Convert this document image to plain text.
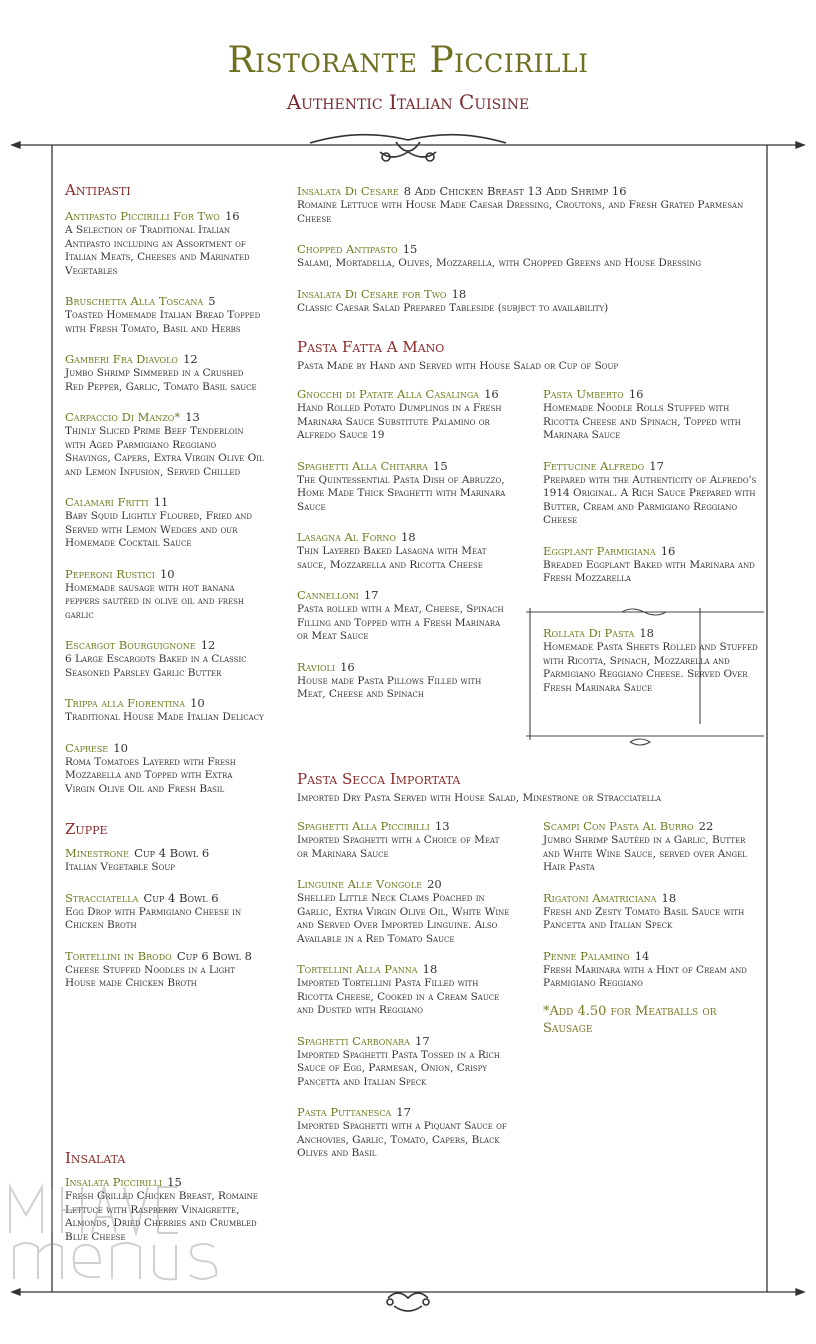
Ristorante Piccirilli
Authentic Italian Cuisine
Antipasti
Antipasto Piccirilli For Two 16
A Selection of Traditional Italian Antipasto including an Assortment of Italian Meats, Cheeses and Marinated Vegetables
Bruschetta Alla Toscana 5
Toasted Homemade Italian Bread Topped with Fresh Tomato, Basil and Herbs
Gamberi Fra Diavolo 12
Jumbo Shrimp Simmered in a Crushed Red Pepper, Garlic, Tomato Basil sauce
Carpaccio Di Manzo* 13
Thinly Sliced Prime Beef Tenderloin with Aged Parmigiano Reggiano Shavings, Capers, Extra Virgin Olive Oil and Lemon Infusion, Served Chilled
Calamari Fritti 11
Baby Squid Lightly Floured, Fried and Served with Lemon Wedges and our Homemade Cocktail Sauce
Peperoni Rustici 10
Homemade sausage with hot banana peppers sautéed in olive oil and fresh garlic
Escargot Bourguignone 12
6 Large Escargots Baked in a Classic Seasoned Parsley Garlic Butter
Trippa alla Fiorentina 10
Traditional House Made Italian Delicacy
Caprese 10
Roma Tomatoes Layered with Fresh Mozzarella and Topped with Extra Virgin Olive Oil and Fresh Basil
Zuppe
Minestrone Cup 4 Bowl 6
Italian Vegetable Soup
Stracciatella Cup 4 Bowl 6
Egg Drop with Parmigiano Cheese in Chicken Broth
Tortellini in Brodo Cup 6 Bowl 8
Cheese Stuffed Noodles in a Light House made Chicken Broth
Insalata
Insalata Piccirilli 15
Fresh Grilled Chicken Breast, Romaine Lettuce with Raspberry Vinaigrette, Almonds, Dried Cherries and Crumbled Blue Cheese
Insalata Di Cesare 8 Add Chicken Breast 13 Add Shrimp 16
Romaine Lettuce with House Made Caesar Dressing, Croutons, and Fresh Grated Parmesan Cheese
Chopped Antipasto 15
Salami, Mortadella, Olives, Mozzarella, with Chopped Greens and House Dressing
Insalata Di Cesare for Two 18
Classic Caesar Salad Prepared Tableside (subject to availability)
Pasta Fatta A Mano
Pasta Made by Hand and Served with House Salad or Cup of Soup
Gnocchi di Patate Alla Casalinga 16
Hand Rolled Potato Dumplings in a Fresh Marinara Sauce Substitute Palamino or Alfredo Sauce 19
Spaghetti Alla Chitarra 15
The Quintessential Pasta Dish of Abruzzo, Home Made Thick Spaghetti with Marinara Sauce
Lasagna Al Forno 18
Thin Layered Baked Lasagna with Meat sauce, Mozzarella and Ricotta Cheese
Cannelloni 17
Pasta rolled with a Meat, Cheese, Spinach Filling and Topped with a Fresh Marinara or Meat Sauce
Ravioli 16
House made Pasta Pillows Filled with Meat, Cheese and Spinach
Pasta Umberto 16
Homemade Noodle Rolls Stuffed with Ricotta Cheese and Spinach, Topped with Marinara Sauce
Fettucine Alfredo 17
Prepared with the Authenticity of Alfredo's 1914 Original. A Rich Sauce Prepared with Butter, Cream and Parmigiano Reggiano Cheese
Eggplant Parmigiana 16
Breaded Eggplant Baked with Marinara and Fresh Mozzarella
Rollata Di Pasta 18
Homemade Pasta Sheets Rolled and Stuffed with Ricotta, Spinach, Mozzarella and Parmigiano Reggiano Cheese. Served Over Fresh Marinara Sauce
Pasta Secca Importata
Imported Dry Pasta Served with House Salad, Minestrone or Stracciatella
Spaghetti Alla Piccirilli 13
Imported Spaghetti with a Choice of Meat or Marinara Sauce
Linguine Alle Vongole 20
Shelled Little Neck Clams Poached in Garlic, Extra Virgin Olive Oil, White Wine and Served Over Imported Linguine. Also Available in a Red Tomato Sauce
Tortellini Alla Panna 18
Imported Tortellini Pasta Filled with Ricotta Cheese, Cooked in a Cream Sauce and Dusted with Reggiano
Spaghetti Carbonara 17
Imported Spaghetti Pasta Tossed in a Rich Sauce of Egg, Parmesan, Onion, Crispy Pancetta and Italian Speck
Pasta Puttanesca 17
Imported Spaghetti with a Piquant Sauce of Anchovies, Garlic, Tomato, Capers, Black Olives and Basil
Scampi Con Pasta Al Burro 22
Jumbo Shrimp Sautéed in a Garlic, Butter and White Wine Sauce, served over Angel Hair Pasta
Rigatoni Amatriciana 18
Fresh and Zesty Tomato Basil Sauce with Pancetta and Italian Speck
Penne Palamino 14
Fresh Marinara with a Hint of Cream and Parmigiano Reggiano
*Add 4.50 for Meatballs or Sausage
